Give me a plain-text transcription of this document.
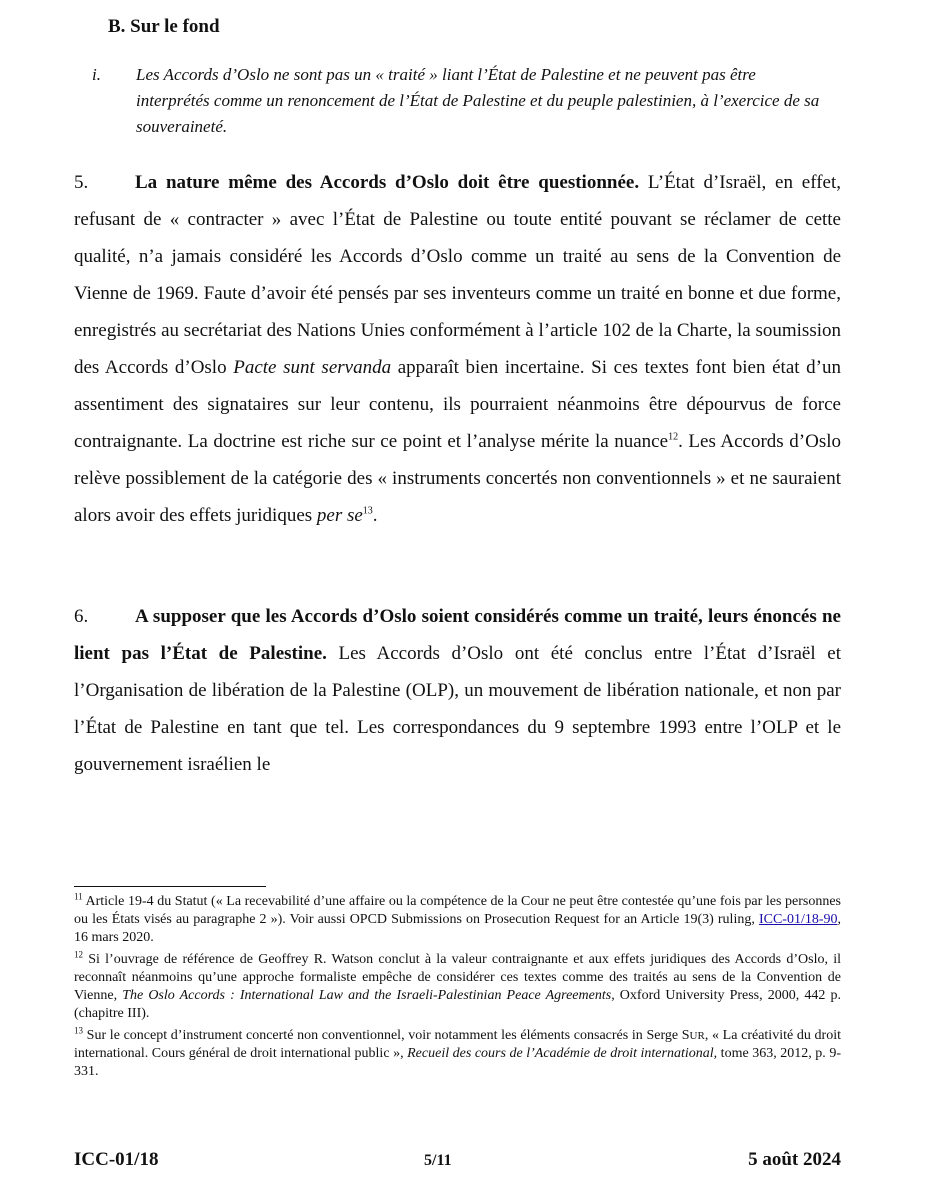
B. Sur le fond
i. Les Accords d’Oslo ne sont pas un « traité » liant l’État de Palestine et ne peuvent pas être interprétés comme un renoncement de l’État de Palestine et du peuple palestinien, à l’exercice de sa souveraineté.

5. La nature même des Accords d’Oslo doit être questionnée. L’État d’Israël, en effet, refusant de « contracter » avec l’État de Palestine ou toute entité pouvant se réclamer de cette qualité, n’a jamais considéré les Accords d’Oslo comme un traité au sens de la Convention de Vienne de 1969. Faute d’avoir été pensés par ses inventeurs comme un traité en bonne et due forme, enregistrés au secrétariat des Nations Unies conformément à l’article 102 de la Charte, la soumission des Accords d’Oslo Pacte sunt servanda apparaît bien incertaine. Si ces textes font bien état d’un assentiment des signataires sur leur contenu, ils pourraient néanmoins être dépourvus de force contraignante. La doctrine est riche sur ce point et l’analyse mérite la nuance$^{12}$. Les Accords d’Oslo relève possiblement de la catégorie des « instruments concertés non conventionnels » et ne sauraient alors avoir des effets juridiques per $se^{13}$.

6. A supposer que les Accords d’Oslo soient considérés comme un traité, leurs énoncés ne lient pas l’État de Palestine. Les Accords d’Oslo ont été conclus entre l’État d’Israël et l’Organisation de libération de la Palestine (OLP), un mouvement de libération nationale, et non par l’État de Palestine en tant que tel. Les correspondances du 9 septembre 1993 entre l’OLP et le gouvernement israélien le

$^{11}$ Article 19-4 du Statut (« La recevabilité d’une affaire ou la compétence de la Cour ne peut être contestée qu’une fois par les personnes ou les États visés au paragraphe 2 »). Voir aussi OPCD Submissions on Prosecution Request for an Article 19(3) ruling, ICC-01/18-90, 16 mars 2020.

$^{12}$ Si l’ouvrage de référence de Geoffrey R. Watson conclut à la valeur contraignante et aux effets juridiques des Accords d’Oslo, il reconnaît néanmoins qu’une approche formaliste empêche de considérer ces textes comme des traités au sens de la Convention de Vienne, The Oslo Accords : International Law and the Israeli-Palestinian Peace Agreements, Oxford University Press, 2000, 442 p. (chapitre III).

$^{13}$ Sur le concept d’instrument concerté non conventionnel, voir notamment les éléments consacrés in Serge SUR, « La créativité du droit international. Cours général de droit international public », Recueil des cours de l’Académie de droit international, tome 363, 2012, p. 9-331.

ICC-01/18	5/11	5 août 2024
